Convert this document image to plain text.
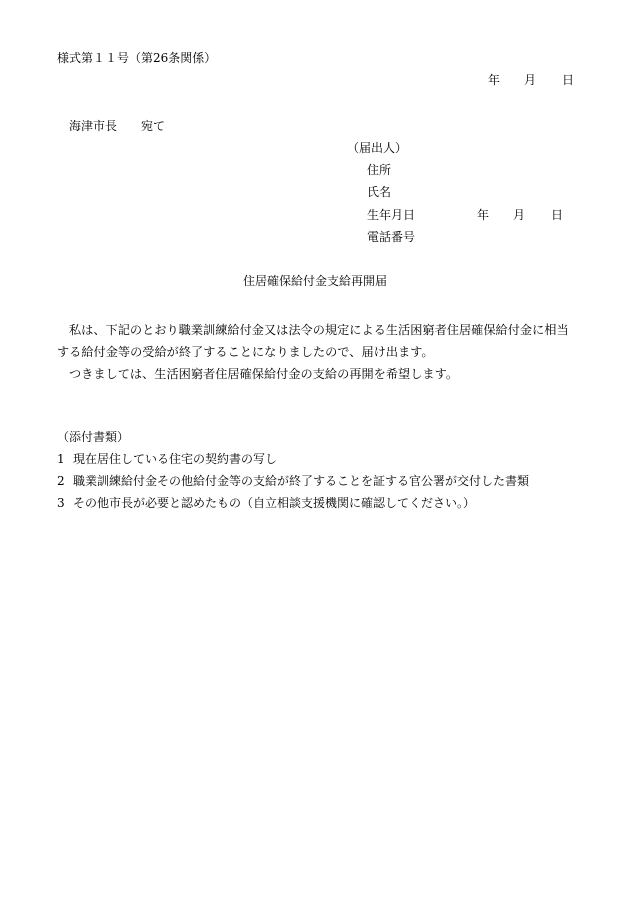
様式第１１号（第26条関係）
年 月 日
海津市長 宛て
（届出人）
住所
氏名
生年月日	年 月 日
電話番号
住居確保給付金支給再開届

私は、下記のとおり職業訓練給付金又は法令の規定による生活困窮者住居確保給付金に相当する給付金等の受給が終了することになりましたので、届け出ます。

つきましては、生活困窮者住居確保給付金の支給の再開を希望します。

（添付書類）
1 現在居住している住宅の契約書の写し
2 職業訓練給付金その他給付金等の支給が終了することを証する官公署が交付した書類
3 その他市長が必要と認めたもの（自立相談支援機関に確認してください。）
